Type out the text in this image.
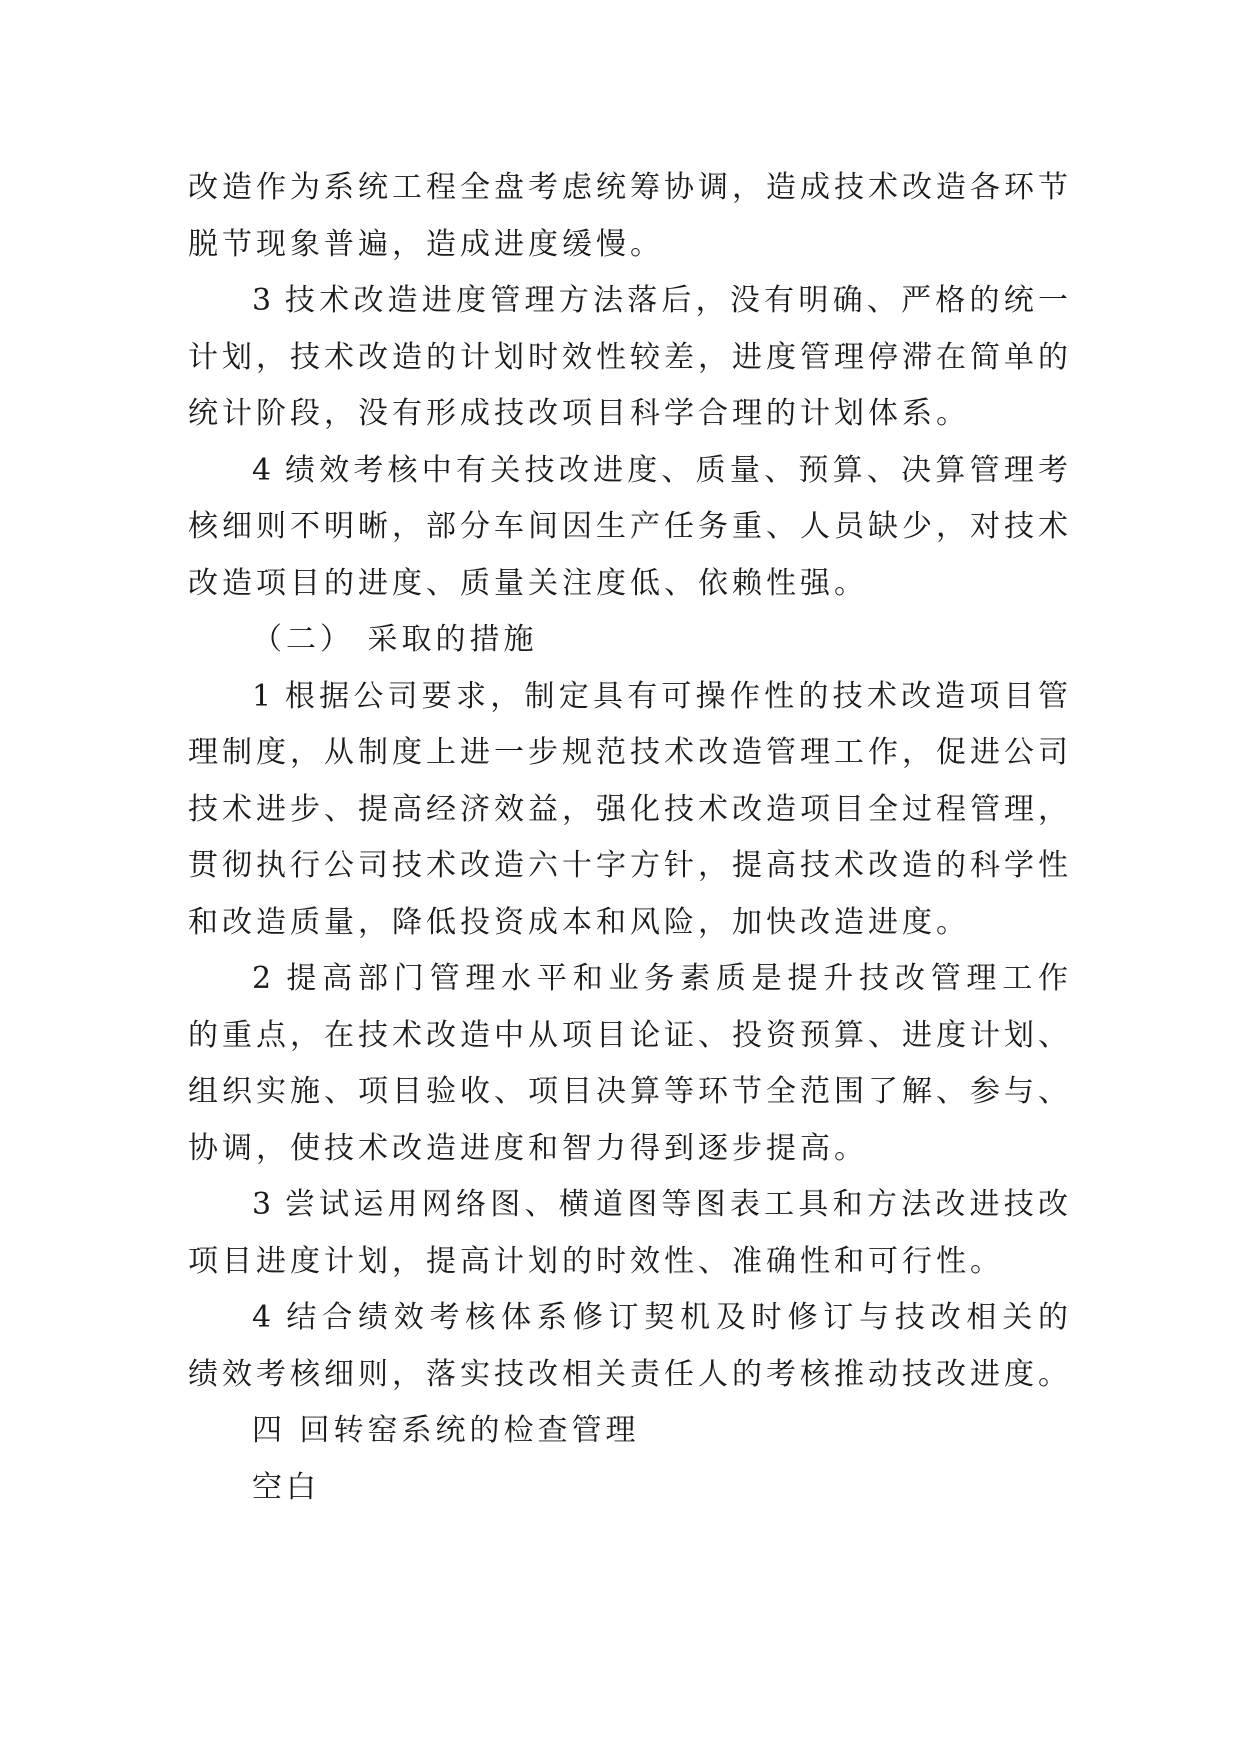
改造作为系统工程全盘考虑统筹协调，造成技术改造各环节
脱节现象普遍，造成进度缓慢。
3 技术改造进度管理方法落后，没有明确、严格的统一
计划，技术改造的计划时效性较差，进度管理停滞在简单的
统计阶段，没有形成技改项目科学合理的计划体系。
4 绩效考核中有关技改进度、质量、预算、决算管理考
核细则不明晰，部分车间因生产任务重、人员缺少，对技术
改造项目的进度、质量关注度低、依赖性强。
（二） 采取的措施
1 根据公司要求，制定具有可操作性的技术改造项目管
理制度，从制度上进一步规范技术改造管理工作，促进公司
技术进步、提高经济效益，强化技术改造项目全过程管理，
贯彻执行公司技术改造六十字方针，提高技术改造的科学性
和改造质量，降低投资成本和风险，加快改造进度。
2 提高部门管理水平和业务素质是提升技改管理工作
的重点，在技术改造中从项目论证、投资预算、进度计划、
组织实施、项目验收、项目决算等环节全范围了解、参与、
协调，使技术改造进度和智力得到逐步提高。
3 尝试运用网络图、横道图等图表工具和方法改进技改
项目进度计划，提高计划的时效性、准确性和可行性。
4 结合绩效考核体系修订契机及时修订与技改相关的
绩效考核细则，落实技改相关责任人的考核推动技改进度。
四 回转窑系统的检查管理
空白
